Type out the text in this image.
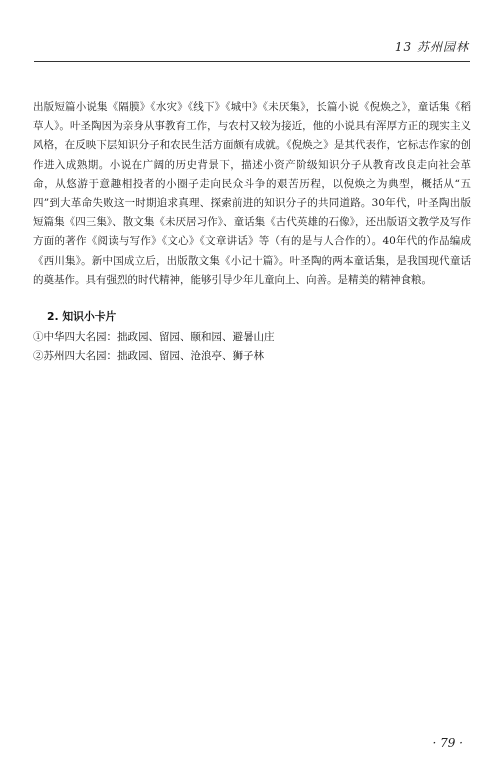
13 苏州园林

出版短篇小说集《隔膜》《水灾》《线下》《城中》《未厌集》，长篇小说《倪焕之》，童话集《稻草人》。叶圣陶因为亲身从事教育工作，与农村又较为接近，他的小说具有浑厚方正的现实主义风格，在反映下层知识分子和农民生活方面颇有成就。《倪焕之》是其代表作，它标志作家的创作进入成熟期。小说在广阔的历史背景下，描述小资产阶级知识分子从教育改良走向社会革命，从悠游于意趣相投者的小圈子走向民众斗争的艰苦历程，以倪焕之为典型，概括从“五四”到大革命失败这一时期追求真理、探索前进的知识分子的共同道路。30年代，叶圣陶出版短篇集《四三集》、散文集《未厌居习作》、童话集《古代英雄的石像》，还出版语文教学及写作方面的著作《阅读与写作》《文心》《文章讲话》等（有的是与人合作的）。40年代的作品编成《西川集》。新中国成立后，出版散文集《小记十篇》。叶圣陶的两本童话集，是我国现代童话的奠基作。具有强烈的时代精神，能够引导少年儿童向上、向善。是精美的精神食粮。

2. 知识小卡片
①中华四大名园：拙政园、留园、颐和园、避暑山庄
②苏州四大名园：拙政园、留园、沧浪亭、狮子林
· 79 ·
